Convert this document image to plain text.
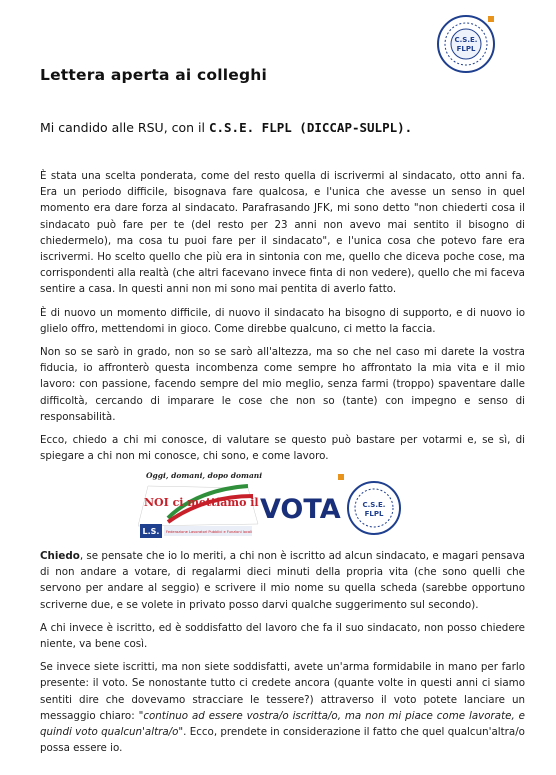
C.S.E.
FLPL
Lettera aperta ai colleghi
Mi candido alle RSU, con il C.S.E. FLPL (DICCAP-SULPL).

È stata una scelta ponderata, come del resto quella di iscrivermi al sindacato, otto anni fa. Era un periodo difficile, bisognava fare qualcosa, e l'unica che avesse un senso in quel momento era dare forza al sindacato. Parafrasando JFK, mi sono detto "non chiederti cosa il sindacato può fare per te (del resto per 23 anni non avevo mai sentito il bisogno di chiedermelo), ma cosa tu puoi fare per il sindacato", e l'unica cosa che potevo fare era iscrivermi. Ho scelto quello che più era in sintonia con me, quello che diceva poche cose, ma corrispondenti alla realtà (che altri facevano invece finta di non vedere), quello che mi faceva sentire a casa. In questi anni non mi sono mai pentita di averlo fatto.

È di nuovo un momento difficile, di nuovo il sindacato ha bisogno di supporto, e di nuovo io glielo offro, mettendomi in gioco. Come direbbe qualcuno, ci metto la faccia.

Non so se sarò in grado, non so se sarò all'altezza, ma so che nel caso mi darete la vostra fiducia, io affronterò questa incombenza come sempre ho affrontato la mia vita e il mio lavoro: con passione, facendo sempre del mio meglio, senza farmi (troppo) spaventare dalle difficoltà, cercando di imparare le cose che non so (tante) con impegno e senso di responsabilità.

Ecco, chiedo a chi mi conosce, di valutare se questo può bastare per votarmi e, se sì, di spiegare a chi non mi conosce, chi sono, e come lavoro.

Oggi, domani, dopo domani
NOI ci mettiamo il
L.S. Federazione Lavoratori Pubblici e Funzioni locali
VOTA	C.S.E.
FLPL

Chiedo, se pensate che io lo meriti, a chi non è iscritto ad alcun sindacato, e magari pensava di non andare a votare, di regalarmi dieci minuti della propria vita (che sono quelli che servono per andare al seggio) e scrivere il mio nome su quella scheda (sarebbe opportuno scriverne due, e se volete in privato posso darvi qualche suggerimento sul secondo).

A chi invece è iscritto, ed è soddisfatto del lavoro che fa il suo sindacato, non posso chiedere niente, va bene così.

Se invece siete iscritti, ma non siete soddisfatti, avete un'arma formidabile in mano per farlo presente: il voto. Se nonostante tutto ci credete ancora (quante volte in questi anni ci siamo sentiti dire che dovevamo stracciare le tessere?) attraverso il voto potete lanciare un messaggio chiaro: "continuo ad essere vostra/o iscritta/o, ma non mi piace come lavorate, e quindi voto qualcun'altra/o". Ecco, prendete in considerazione il fatto che quel qualcun'altra/o possa essere io.
